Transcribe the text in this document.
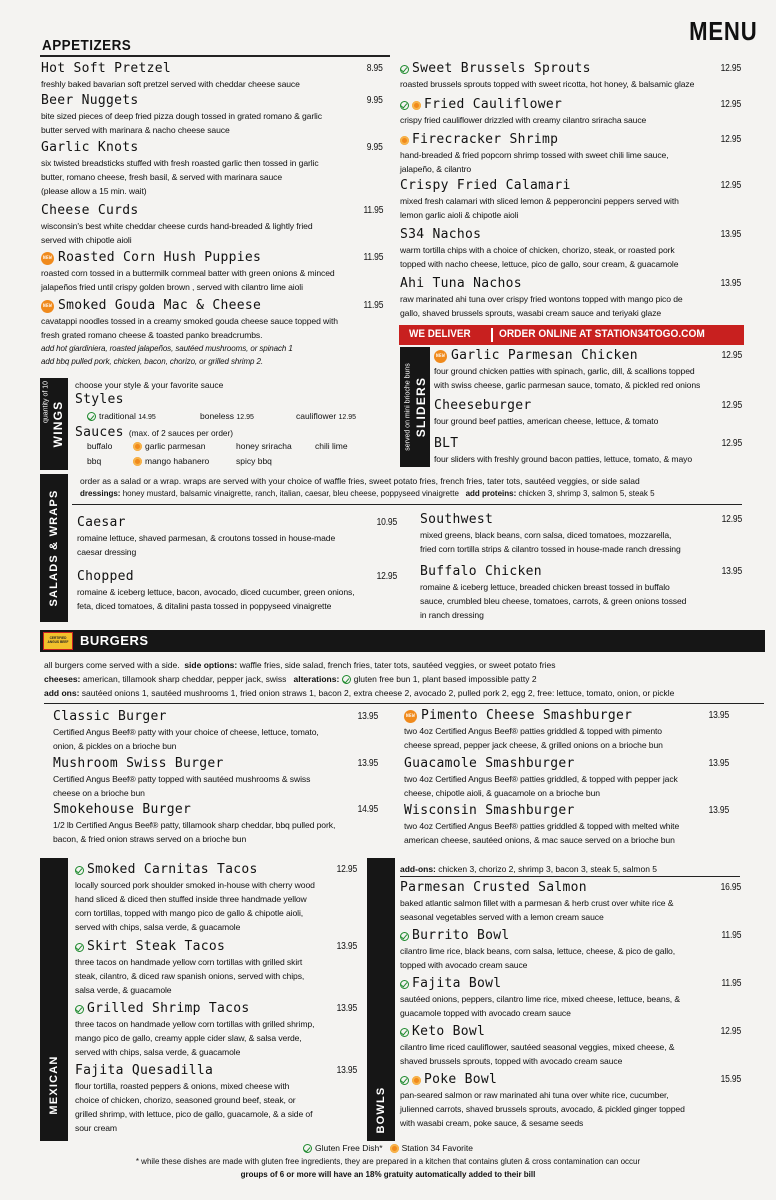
MENU
APPETIZERS
Hot Soft Pretzel	8.95
freshly baked bavarian soft pretzel served with cheddar cheese sauce
Beer Nuggets	9.95
bite sized pieces of deep fried pizza dough tossed in grated romano & garlic
butter served with marinara & nacho cheese sauce
Garlic Knots	9.95
six twisted breadsticks stuffed with fresh roasted garlic then tossed in garlic
butter, romano cheese, fresh basil, & served with marinara sauce
(please allow a 15 min. wait)
Cheese Curds	11.95
wisconsin's best white cheddar cheese curds hand-breaded & lightly fried
served with chipotle aioli
NEW Roasted Corn Hush Puppies	11.95
roasted corn tossed in a buttermilk cornmeal batter with green onions & minced
jalapeños fried until crispy golden brown , served with cilantro lime aioli
NEW Smoked Gouda Mac & Cheese	11.95
cavatappi noodles tossed in a creamy smoked gouda cheese sauce topped with
fresh grated romano cheese & toasted panko breadcrumbs.
add hot giardiniera, roasted jalapeños, sautéed mushrooms, or spinach 1
add bbq pulled pork, chicken, bacon, chorizo, or grilled shrimp 2.
Sweet Brussels Sprouts	12.95
roasted brussels sprouts topped with sweet ricotta, hot honey, & balsamic glaze
Fried Cauliflower	12.95
crispy fried cauliflower drizzled with creamy cilantro sriracha sauce
Firecracker Shrimp	12.95
hand-breaded & fried popcorn shrimp tossed with sweet chili lime sauce,
jalapeño, & cilantro
Crispy Fried Calamari	12.95
mixed fresh calamari with sliced lemon & pepperoncini peppers served with
lemon garlic aioli & chipotle aioli
S34 Nachos	13.95
warm tortilla chips with a choice of chicken, chorizo, steak, or roasted pork
topped with nacho cheese, lettuce, pico de gallo, sour cream, & guacamole
Ahi Tuna Nachos	13.95
raw marinated ahi tuna over crispy fried wontons topped with mango pico de
gallo, shaved brussels sprouts, wasabi cream sauce and teriyaki glaze
WE DELIVER	ORDER ONLINE AT STATION34TOGO.COM
SLIDERS
served on mini brioche buns
NEW Garlic Parmesan Chicken	12.95
four ground chicken patties with spinach, garlic, dill, & scallions topped
with swiss cheese, garlic parmesan sauce, tomato, & pickled red onions
Cheeseburger	12.95
four ground beef patties, american cheese, lettuce, & tomato
BLT	12.95
four sliders with freshly ground bacon patties, lettuce, tomato, & mayo
WINGS
quantity of 10	choose your style & your favorite sauce
Styles
traditional 14.95	boneless 12.95	cauliflower 12.95
Sauces (max. of 2 sauces per order)
buffalo	garlic parmesan	honey sriracha	chili lime
bbq	mango habanero	spicy bbq
SALADS & WRAPS
order as a salad or a wrap. wraps are served with your choice of waffle fries, sweet potato fries, french fries, tater tots, sautéed veggies, or side salad
dressings: honey mustard, balsamic vinaigrette, ranch, italian, caesar, bleu cheese, poppyseed vinaigrette add proteins: chicken 3, shrimp 3, salmon 5, steak 5
Caesar	10.95
romaine lettuce, shaved parmesan, & croutons tossed in house-made
caesar dressing
Chopped	12.95
romaine & iceberg lettuce, bacon, avocado, diced cucumber, green onions,
feta, diced tomatoes, & ditalini pasta tossed in poppyseed vinaigrette
Southwest	12.95
mixed greens, black beans, corn salsa, diced tomatoes, mozzarella,
fried corn tortilla strips & cilantro tossed in house-made ranch dressing
Buffalo Chicken	13.95
romaine & iceberg lettuce, breaded chicken breast tossed in buffalo
sauce, crumbled bleu cheese, tomatoes, carrots, & green onions tossed
in ranch dressing
CERTIFIED ANGUS BEEF BURGERS
all burgers come served with a side. side options: waffle fries, side salad, french fries, tater tots, sautéed veggies, or sweet potato fries
cheeses: american, tillamook sharp cheddar, pepper jack, swiss alterations: gluten free bun 1, plant based impossible patty 2
add ons: sautéed onions 1, sautéed mushrooms 1, fried onion straws 1, bacon 2, extra cheese 2, avocado 2, pulled pork 2, egg 2, free: lettuce, tomato, onion, or pickle
Classic Burger	13.95
Certified Angus Beef® patty with your choice of cheese, lettuce, tomato,
onion, & pickles on a brioche bun
Mushroom Swiss Burger	13.95
Certified Angus Beef® patty topped with sautéed mushrooms & swiss
cheese on a brioche bun
Smokehouse Burger	14.95
1/2 lb Certified Angus Beef® patty, tillamook sharp cheddar, bbq pulled pork,
bacon, & fried onion straws served on a brioche bun
NEW Pimento Cheese Smashburger	13.95
two 4oz Certified Angus Beef® patties griddled & topped with pimento
cheese spread, pepper jack cheese, & grilled onions on a brioche bun
Guacamole Smashburger	13.95
two 4oz Certified Angus Beef® patties griddled, & topped with pepper jack
cheese, chipotle aioli, & guacamole on a brioche bun
Wisconsin Smashburger	13.95
two 4oz Certified Angus Beef® patties griddled & topped with melted white
american cheese, sautéed onions, & mac sauce served on a brioche bun
MEXICAN
Smoked Carnitas Tacos	12.95
locally sourced pork shoulder smoked in-house with cherry wood
hand sliced & diced then stuffed inside three handmade yellow
corn tortillas, topped with mango pico de gallo & chipotle aioli,
served with chips, salsa verde, & guacamole
Skirt Steak Tacos	13.95
three tacos on handmade yellow corn tortillas with grilled skirt
steak, cilantro, & diced raw spanish onions, served with chips,
salsa verde, & guacamole
Grilled Shrimp Tacos	13.95
three tacos on handmade yellow corn tortillas with grilled shrimp,
mango pico de gallo, creamy apple cider slaw, & salsa verde,
served with chips, salsa verde, & guacamole
Fajita Quesadilla	13.95
flour tortilla, roasted peppers & onions, mixed cheese with
choice of chicken, chorizo, seasoned ground beef, steak, or
grilled shrimp, with lettuce, pico de gallo, guacamole, & a side of
sour cream	BOWLS
add-ons: chicken 3, chorizo 2, shrimp 3, bacon 3, steak 5, salmon 5
Parmesan Crusted Salmon	16.95
baked atlantic salmon fillet with a parmesan & herb crust over white rice &
seasonal vegetables served with a lemon cream sauce
Burrito Bowl	11.95
cilantro lime rice, black beans, corn salsa, lettuce, cheese, & pico de gallo,
topped with avocado cream sauce
Fajita Bowl	11.95
sautéed onions, peppers, cilantro lime rice, mixed cheese, lettuce, beans, &
guacamole topped with avocado cream sauce
Keto Bowl	12.95
cilantro lime riced cauliflower, sautéed seasonal veggies, mixed cheese, &
shaved brussels sprouts, topped with avocado cream sauce
Poke Bowl	15.95
pan-seared salmon or raw marinated ahi tuna over white rice, cucumber,
julienned carrots, shaved brussels sprouts, avocado, & pickled ginger topped
with wasabi cream, poke sauce, & sesame seeds
Gluten Free Dish* Station 34 Favorite
* while these dishes are made with gluten free ingredients, they are prepared in a kitchen that contains gluten & cross contamination can occur
groups of 6 or more will have an 18% gratuity automatically added to their bill
